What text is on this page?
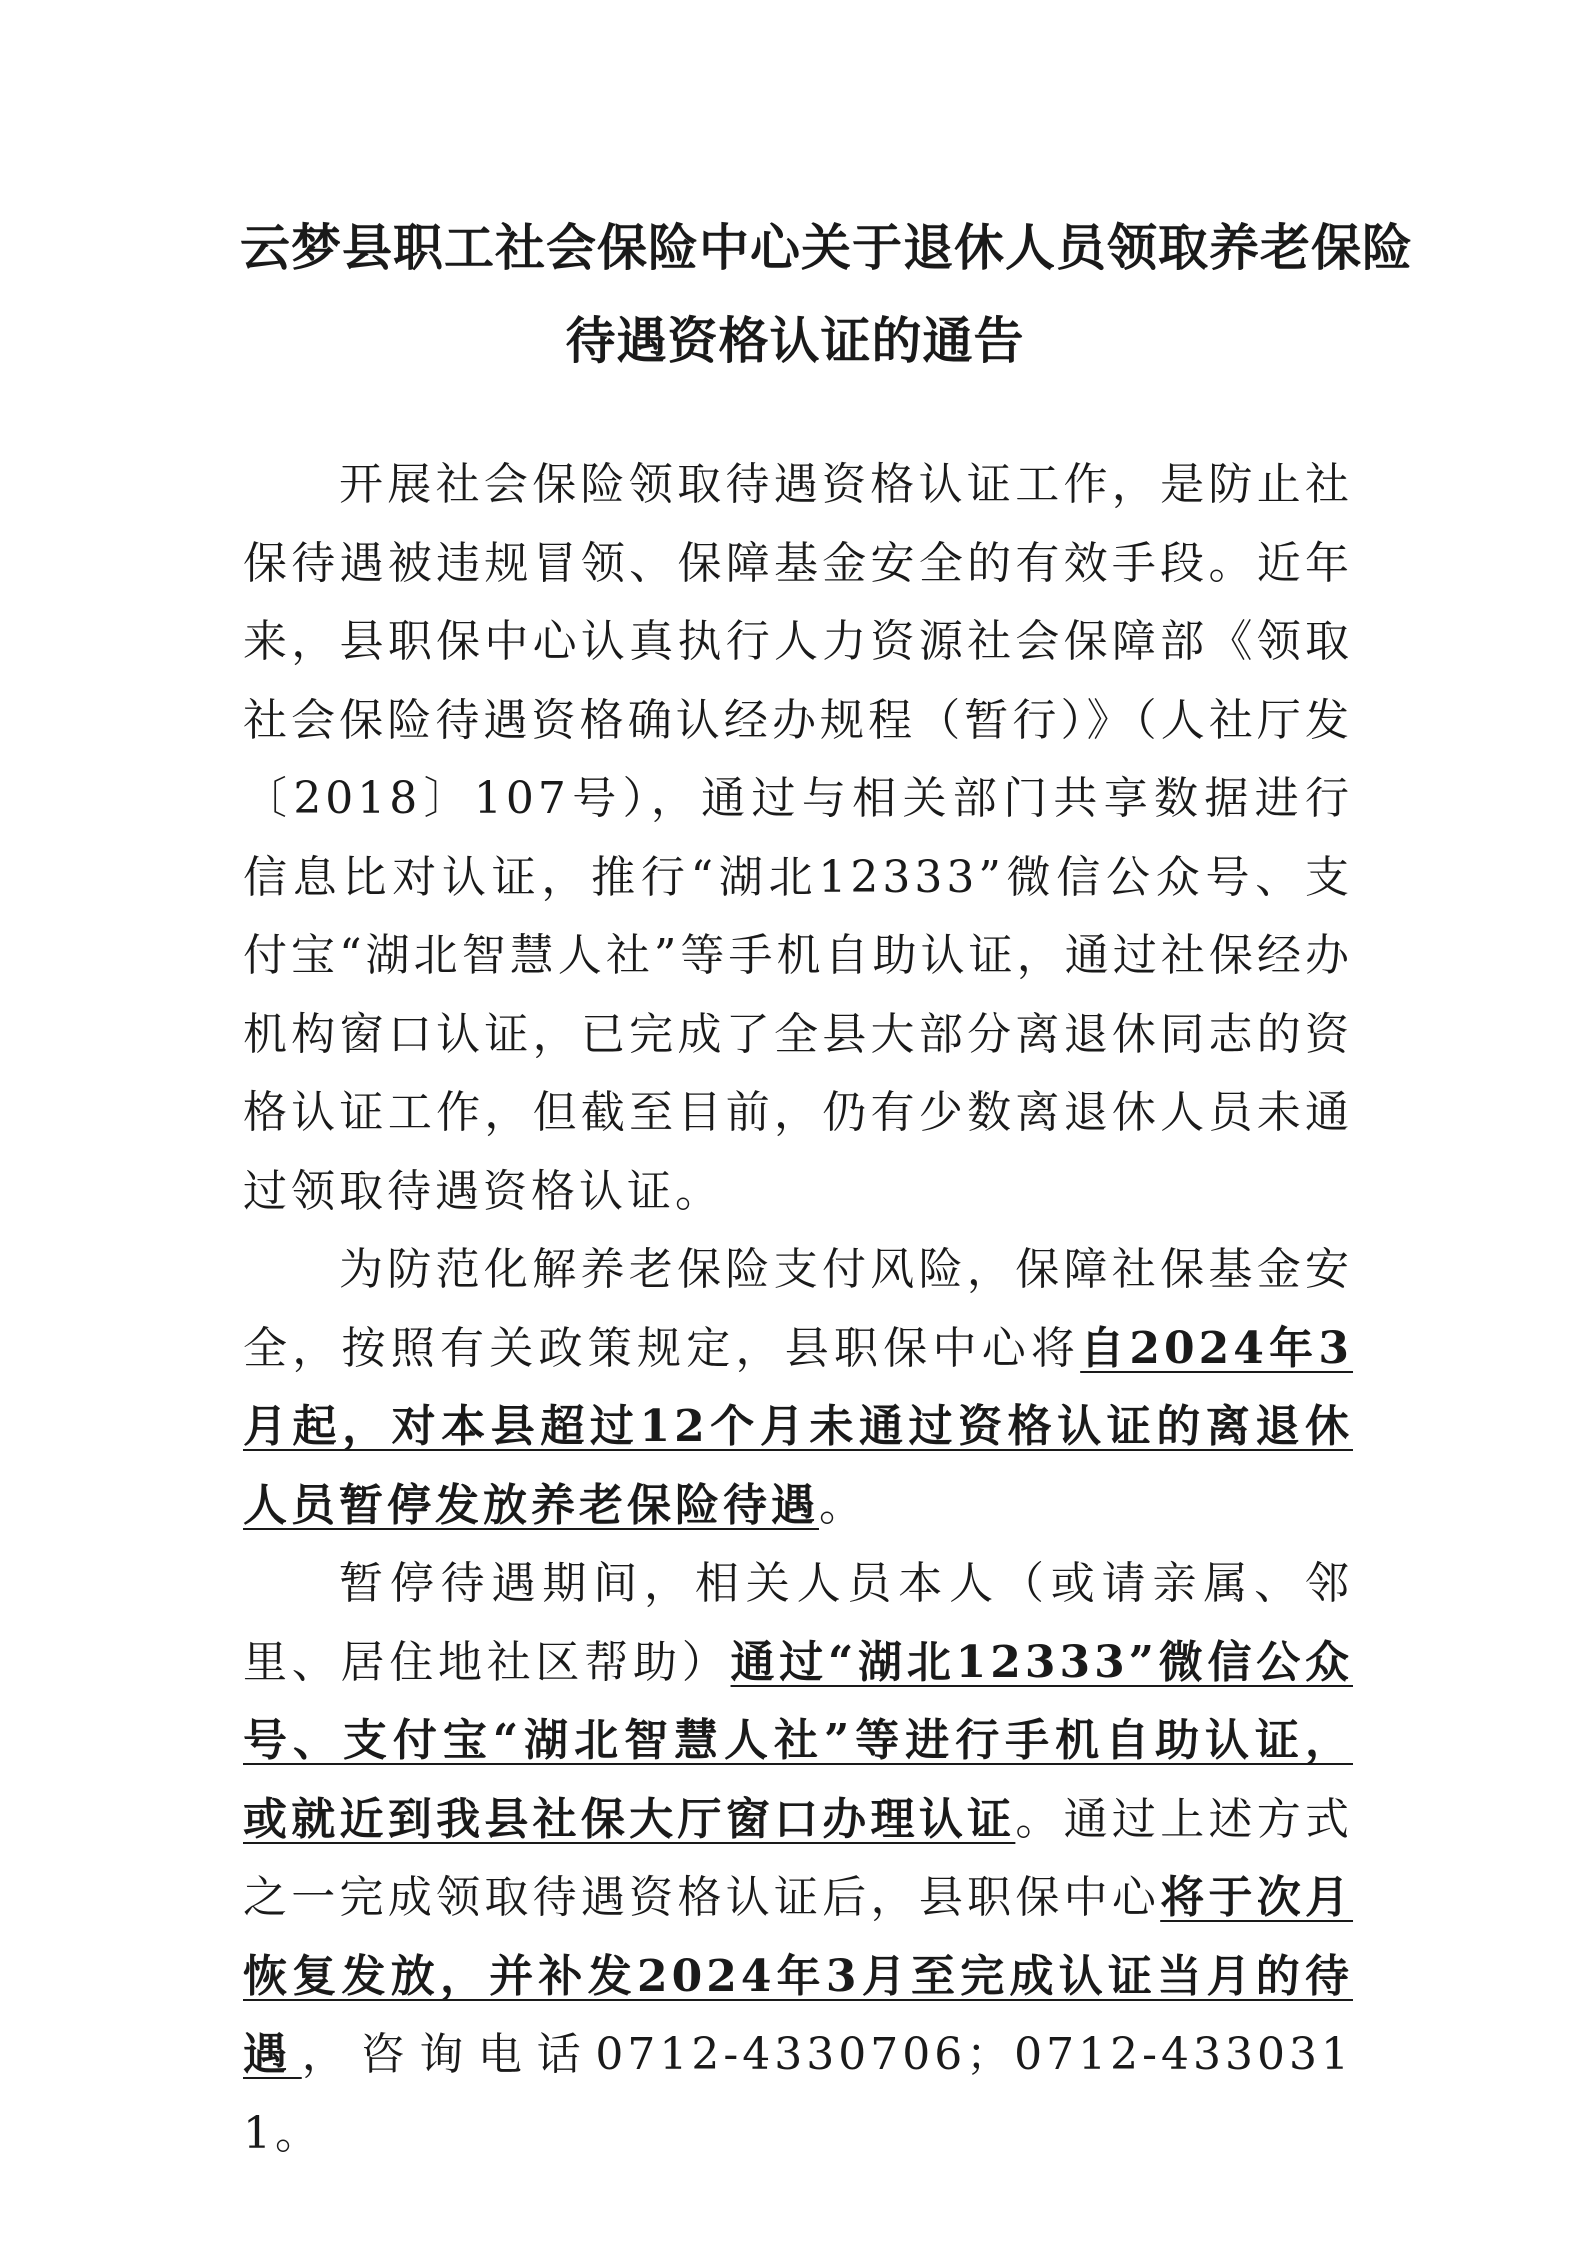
云梦县职工社会保险中心关于退休人员领取养老保险
待遇资格认证的通告

开展社会保险领取待遇资格认证工作，是防止社保待遇被违规冒领、保障基金安全的有效手段。近年来，县职保中心认真执行人力资源社会保障部《领取社会保险待遇资格确认经办规程（暂行）》（人社厅发〔2018〕107号），通过与相关部门共享数据进行信息比对认证，推行“湖北12333”微信公众号、支付宝“湖北智慧人社”等手机自助认证，通过社保经办机构窗口认证，已完成了全县大部分离退休同志的资格认证工作，但截至目前，仍有少数离退休人员未通过领取待遇资格认证。

为防范化解养老保险支付风险，保障社保基金安全，按照有关政策规定，县职保中心将自2024年3月起，对本县超过12个月未通过资格认证的离退休人员暂停发放养老保险待遇。

暂停待遇期间，相关人员本人（或请亲属、邻里、居住地社区帮助）通过“湖北12333”微信公众号、支付宝“湖北智慧人社”等进行手机自助认证，或就近到我县社保大厅窗口办理认证。通过上述方式之一完成领取待遇资格认证后，县职保中心将于次月恢复发放，并补发2024年3月至完成认证当月的待遇，咨询电话0712-4330706；0712-4330311。
